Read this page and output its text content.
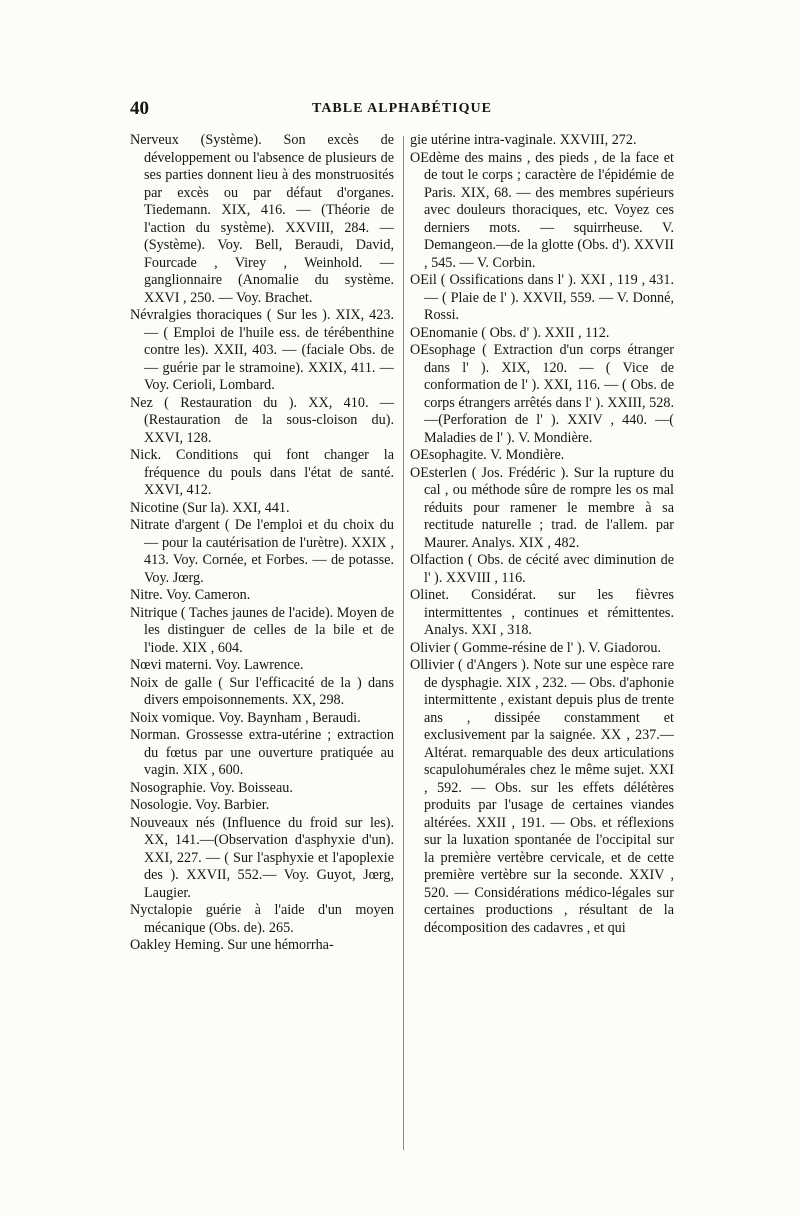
40	TABLE ALPHABÉTIQUE

Nerveux (Système). Son excès de développement ou l'absence de plusieurs de ses parties donnent lieu à des monstruosités par excès ou par défaut d'organes. Tiedemann. XIX, 416. — (Théorie de l'action du système). XXVIII, 284. —(Système). Voy. Bell, Beraudi, David, Fourcade , Virey , Weinhold. — ganglionnaire (Anomalie du système. XXVI , 250. — Voy. Brachet.

Névralgies thoraciques ( Sur les ). XIX, 423. — ( Emploi de l'huile ess. de térébenthine contre les). XXII, 403. — (faciale Obs. de — guérie par le stramoine). XXIX, 411. —Voy. Cerioli, Lombard.

Nez ( Restauration du ). XX, 410. — (Restauration de la sous-cloison du). XXVI, 128.

Nick. Conditions qui font changer la fréquence du pouls dans l'état de santé. XXVI, 412.

Nicotine (Sur la). XXI, 441.

Nitrate d'argent ( De l'emploi et du choix du — pour la cautérisation de l'urètre). XXIX , 413. Voy. Cornée, et Forbes. — de potasse. Voy. Jœrg.

Nitre. Voy. Cameron.

Nitrique ( Taches jaunes de l'acide). Moyen de les distinguer de celles de la bile et de l'iode. XIX , 604.

Nœvi materni. Voy. Lawrence.

Noix de galle ( Sur l'efficacité de la ) dans divers empoisonnements. XX, 298.

Noix vomique. Voy. Baynham , Beraudi.

Norman. Grossesse extra-utérine ; extraction du fœtus par une ouverture pratiquée au vagin. XIX , 600.

Nosographie. Voy. Boisseau.

Nosologie. Voy. Barbier.

Nouveaux nés (Influence du froid sur les). XX, 141.—(Observation d'asphyxie d'un). XXI, 227. — ( Sur l'asphyxie et l'apoplexie des ). XXVII, 552.— Voy. Guyot, Jœrg, Laugier.

Nyctalopie guérie à l'aide d'un moyen mécanique (Obs. de). 265.

Oakley Heming. Sur une hémorrha-

gie utérine intra-vaginale. XXVIII, 272.

OEdème des mains , des pieds , de la face et de tout le corps ; caractère de l'épidémie de Paris. XIX, 68. — des membres supérieurs avec douleurs thoraciques, etc. Voyez ces derniers mots. — squirrheuse. V. Demangeon.—de la glotte (Obs. d'). XXVII , 545. — V. Corbin.

OEil ( Ossifications dans l' ). XXI , 119 , 431.— ( Plaie de l' ). XXVII, 559. — V. Donné, Rossi.

OEnomanie ( Obs. d' ). XXII , 112.

OEsophage ( Extraction d'un corps étranger dans l' ). XIX, 120. — ( Vice de conformation de l' ). XXI, 116. — ( Obs. de corps étrangers arrêtés dans l' ). XXIII, 528. —(Perforation de l' ). XXIV , 440. —( Maladies de l' ). V. Mondière.

OEsophagite. V. Mondière.

OEsterlen ( Jos. Frédéric ). Sur la rupture du cal , ou méthode sûre de rompre les os mal réduits pour ramener le membre à sa rectitude naturelle ; trad. de l'allem. par Maurer. Analys. XIX , 482.

Olfaction ( Obs. de cécité avec diminution de l' ). XXVIII , 116.

Olinet. Considérat. sur les fièvres intermittentes , continues et rémittentes. Analys. XXI , 318.

Olivier ( Gomme-résine de l' ). V. Giadorou.

Ollivier ( d'Angers ). Note sur une espèce rare de dysphagie. XIX , 232. — Obs. d'aphonie intermittente , existant depuis plus de trente ans , dissipée constamment et exclusivement par la saignée. XX , 237.—Altérat. remarquable des deux articulations scapulohumérales chez le même sujet. XXI , 592. — Obs. sur les effets délétères produits par l'usage de certaines viandes altérées. XXII , 191. — Obs. et réflexions sur la luxation spontanée de l'occipital sur la première vertèbre cervicale, et de cette première vertèbre sur la seconde. XXIV , 520. — Considérations médico-légales sur certaines productions , résultant de la décomposition des cadavres , et qui
